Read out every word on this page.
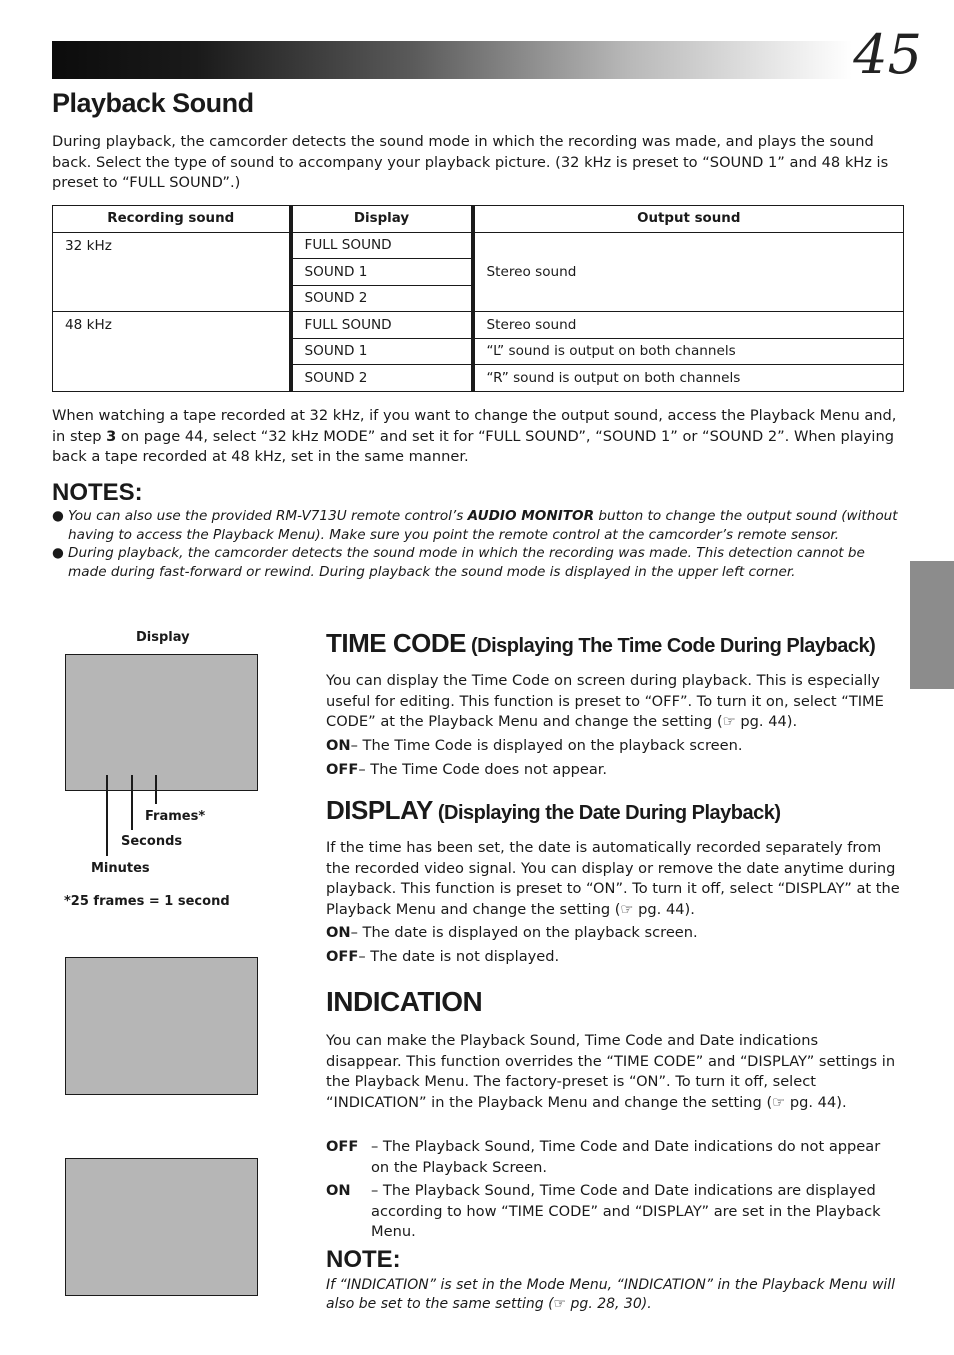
45
Playback Sound
During playback, the camcorder detects the sound mode in which the recording was made, and plays the sound back. Select the type of sound to accompany your playback picture. (32 kHz is preset to “SOUND 1” and 48 kHz is preset to “FULL SOUND”.)
Recording sound	Display	Output sound
32 kHz	FULL SOUND	Stereo sound
	SOUND 1	
	SOUND 2	
48 kHz	FULL SOUND	Stereo sound
	SOUND 1	“L” sound is output on both channels
	SOUND 2	“R” sound is output on both channels
When watching a tape recorded at 32 kHz, if you want to change the output sound, access the Playback Menu and, in step 3 on page 44, select “32 kHz MODE” and set it for “FULL SOUND”, “SOUND 1” or “SOUND 2”. When playing back a tape recorded at 48 kHz, set in the same manner.
NOTES:
● You can also use the provided RM-V713U remote control’s AUDIO MONITOR button to change the output sound (without having to access the Playback Menu). Make sure you point the remote control at the camcorder’s remote sensor.
● During playback, the camcorder detects the sound mode in which the recording was made. This detection cannot be made during fast-forward or rewind. During playback the sound mode is displayed in the upper left corner.
Display
Frames*
Seconds
Minutes
*25 frames = 1 second
TIME CODE (Displaying The Time Code During Playback)
You can display the Time Code on screen during playback. This is especially useful for editing. This function is preset to “OFF”. To turn it on, select “TIME CODE” at the Playback Menu and change the setting (☞ pg. 44).
ON– The Time Code is displayed on the playback screen.
OFF– The Time Code does not appear.
DISPLAY (Displaying the Date During Playback)
If the time has been set, the date is automatically recorded separately from the recorded video signal. You can display or remove the date anytime during playback. This function is preset to “ON”. To turn it off, select “DISPLAY” at the Playback Menu and change the setting (☞ pg. 44).
ON– The date is displayed on the playback screen.
OFF– The date is not displayed.
INDICATION
You can make the Playback Sound, Time Code and Date indications disappear. This function overrides the “TIME CODE” and “DISPLAY” settings in the Playback Menu. The factory-preset is “ON”. To turn it off, select “INDICATION” in the Playback Menu and change the setting (☞ pg. 44).
OFF – The Playback Sound, Time Code and Date indications do not appear on the Playback Screen.
ON – The Playback Sound, Time Code and Date indications are displayed according to how “TIME CODE” and “DISPLAY” are set in the Playback Menu.
NOTE:
If “INDICATION” is set in the Mode Menu, “INDICATION” in the Playback Menu will also be set to the same setting (☞ pg. 28, 30).
